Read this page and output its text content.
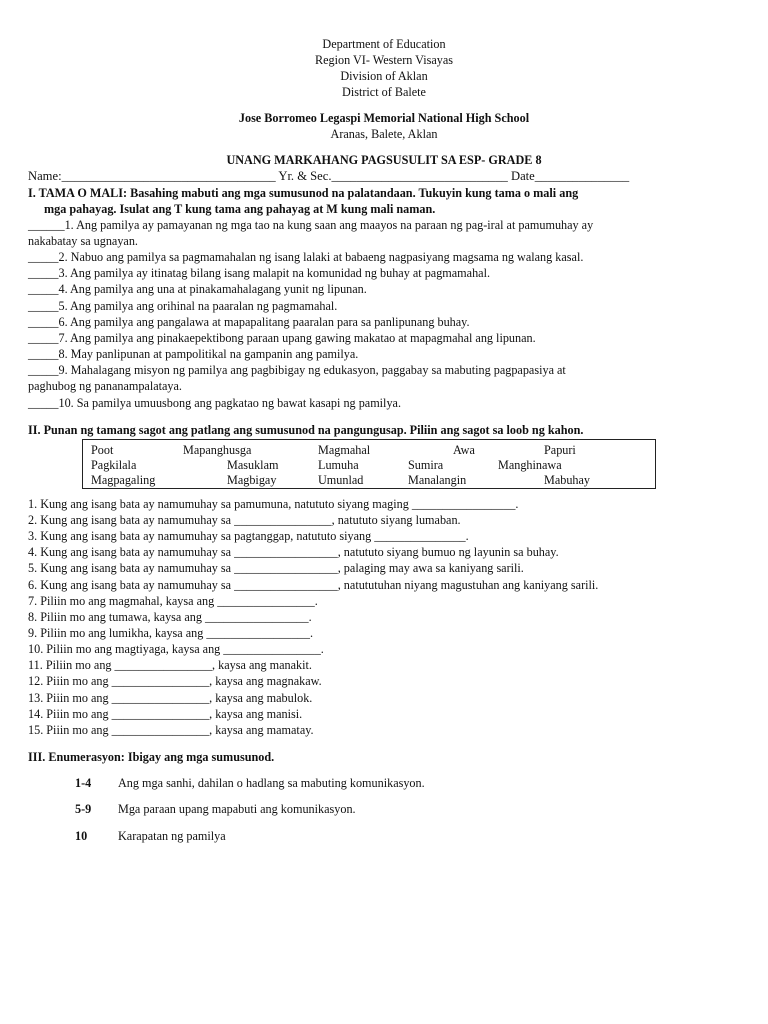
Department of Education
Region VI- Western Visayas
Division of Aklan
District of Balete
Jose Borromeo Legaspi Memorial National High School
Aranas, Balete, Aklan
UNANG MARKAHANG PAGSUSULIT SA ESP- GRADE 8
Name:__________________________________ Yr. & Sec.____________________________ Date_______________
I. TAMA O MALI: Basahing mabuti ang mga sumusunod na palatandaan. Tukuyin kung tama o mali ang
mga pahayag. Isulat ang T kung tama ang pahayag at M kung mali naman.
______1. Ang pamilya ay pamayanan ng mga tao na kung saan ang maayos na paraan ng pag-iral at pamumuhay ay
nakabatay sa ugnayan.
_____2. Nabuo ang pamilya sa pagmamahalan ng isang lalaki at babaeng nagpasiyang magsama ng walang kasal.
_____3. Ang pamilya ay itinatag bilang isang malapit na komunidad ng buhay at pagmamahal.
_____4. Ang pamilya ang una at pinakamahalagang yunit ng lipunan.
_____5. Ang pamilya ang orihinal na paaralan ng pagmamahal.
_____6. Ang pamilya ang pangalawa at mapapalitang paaralan para sa panlipunang buhay.
_____7. Ang pamilya ang pinakaepektibong paraan upang gawing makatao at mapagmahal ang lipunan.
_____8. May panlipunan at pampolitikal na gampanin ang pamilya.
_____9. Mahalagang misyon ng pamilya ang pagbibigay ng edukasyon, paggabay sa mabuting pagpapasiya at
paghubog ng pananampalataya.
_____10. Sa pamilya umuusbong ang pagkatao ng bawat kasapi ng pamilya.
II. Punan ng tamang sagot ang patlang ang sumusunod na pangungusap. Piliin ang sagot sa loob ng kahon.
Poot	Mapanghusga	Magmahal	Awa	Papuri
Pagkilala	Masuklam	Lumuha	Sumira	Manghinawa
Magpagaling	Magbigay	Umunlad	Manalangin	Mabuhay
1. Kung ang isang bata ay namumuhay sa pamumuna, natututo siyang maging _________________.
2. Kung ang isang bata ay namumuhay sa ________________, natututo siyang lumaban.
3. Kung ang isang bata ay namumuhay sa pagtanggap, natututo siyang _______________.
4. Kung ang isang bata ay namumuhay sa _________________, natututo siyang bumuo ng layunin sa buhay.
5. Kung ang isang bata ay namumuhay sa _________________, palaging may awa sa kaniyang sarili.
6. Kung ang isang bata ay namumuhay sa _________________, natututuhan niyang magustuhan ang kaniyang sarili.
7. Piliin mo ang magmahal, kaysa ang ________________.
8. Piliin mo ang tumawa, kaysa ang _________________.
9. Piliin mo ang lumikha, kaysa ang _________________.
10. Piliin mo ang magtiyaga, kaysa ang ________________.
11. Piliin mo ang ________________, kaysa ang manakit.
12. Piiin mo ang ________________, kaysa ang magnakaw.
13. Piiin mo ang ________________, kaysa ang mabulok.
14. Piiin mo ang ________________, kaysa ang manisi.
15. Piiin mo ang ________________, kaysa ang mamatay.
III. Enumerasyon: Ibigay ang mga sumusunod.
1-4 Ang mga sanhi, dahilan o hadlang sa mabuting komunikasyon.
5-9 Mga paraan upang mapabuti ang komunikasyon.
10	Karapatan ng pamilya
